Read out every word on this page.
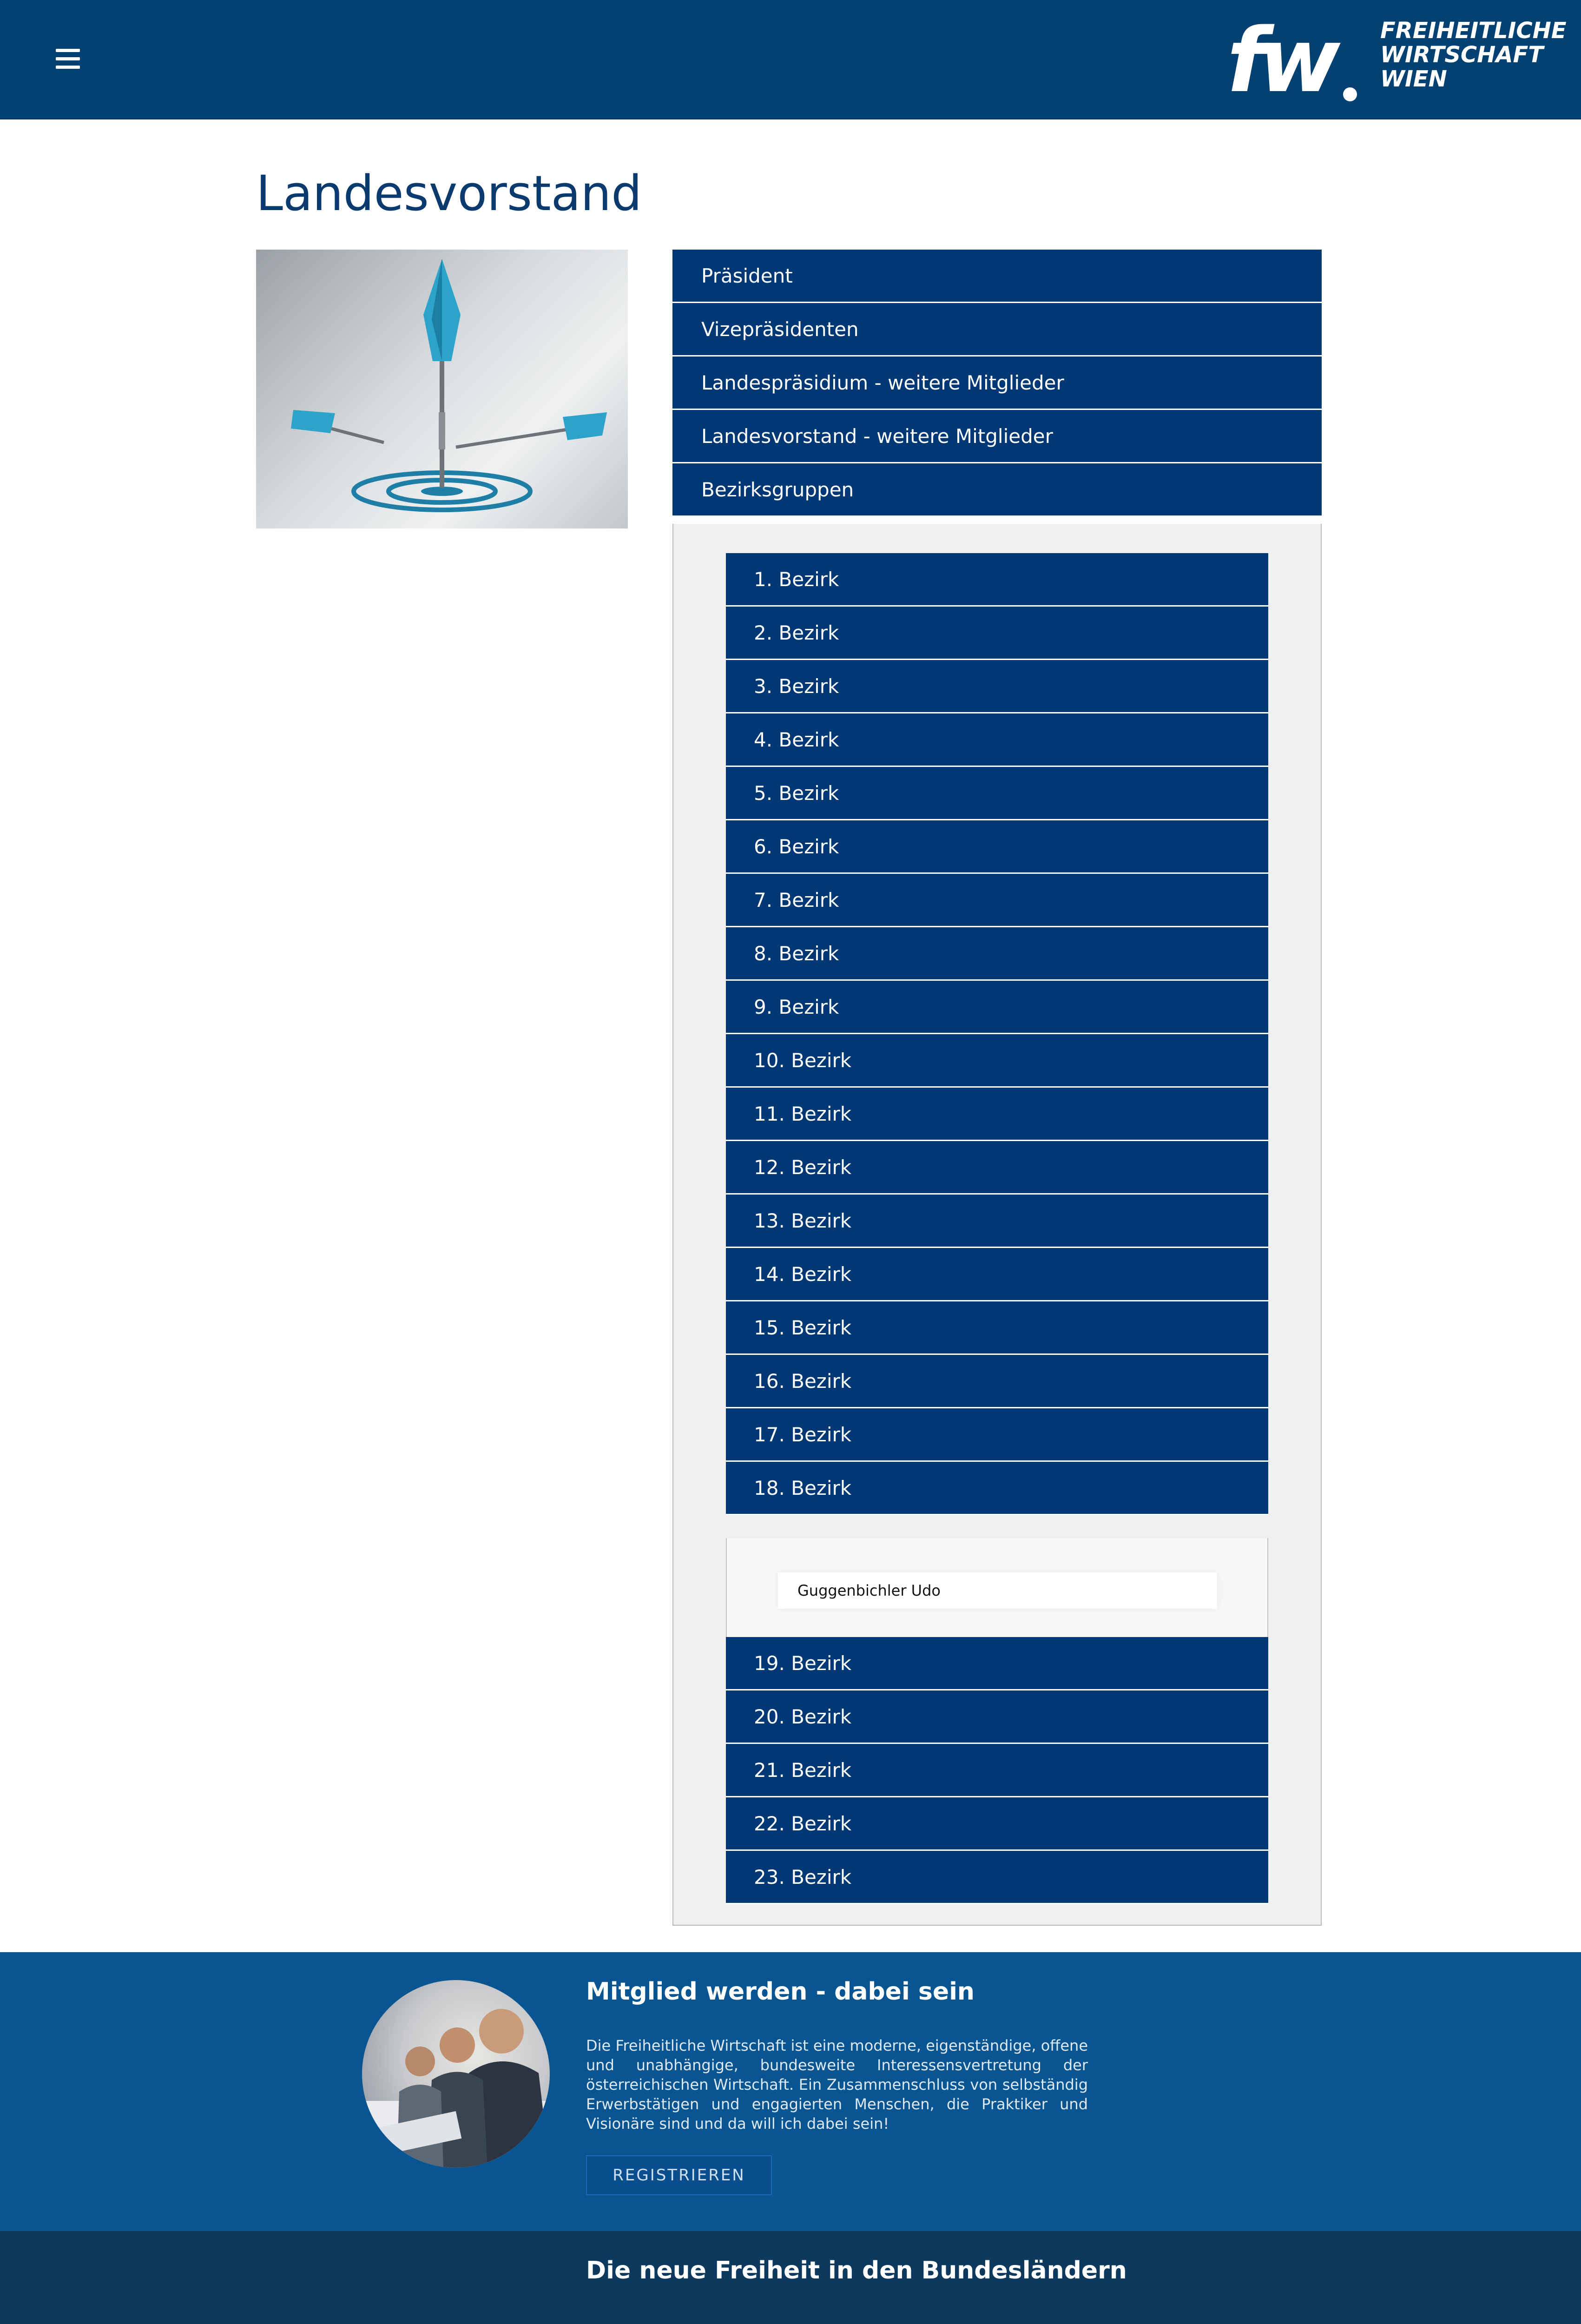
fw FREIHEITLICHE
WIRTSCHAFT
WIEN
Landesvorstand
Präsident
Vizepräsidenten
Landespräsidium - weitere Mitglieder
Landesvorstand - weitere Mitglieder
Bezirksgruppen
1. Bezirk
2. Bezirk
3. Bezirk
4. Bezirk
5. Bezirk
6. Bezirk
7. Bezirk
8. Bezirk
9. Bezirk
10. Bezirk
11. Bezirk
12. Bezirk
13. Bezirk
14. Bezirk
15. Bezirk
16. Bezirk
17. Bezirk
18. Bezirk
Guggenbichler Udo
19. Bezirk
20. Bezirk
21. Bezirk
22. Bezirk
23. Bezirk
Mitglied werden - dabei sein

Die Freiheitliche Wirtschaft ist eine moderne, eigenständige, offene und unabhängige, bundesweite Interessensvertretung der österreichischen Wirtschaft. Ein Zusammenschluss von selbständig Erwerbstätigen und engagierten Menschen, die Praktiker und Visionäre sind und da will ich dabei sein!

REGISTRIEREN
Die neue Freiheit in den Bundesländern
